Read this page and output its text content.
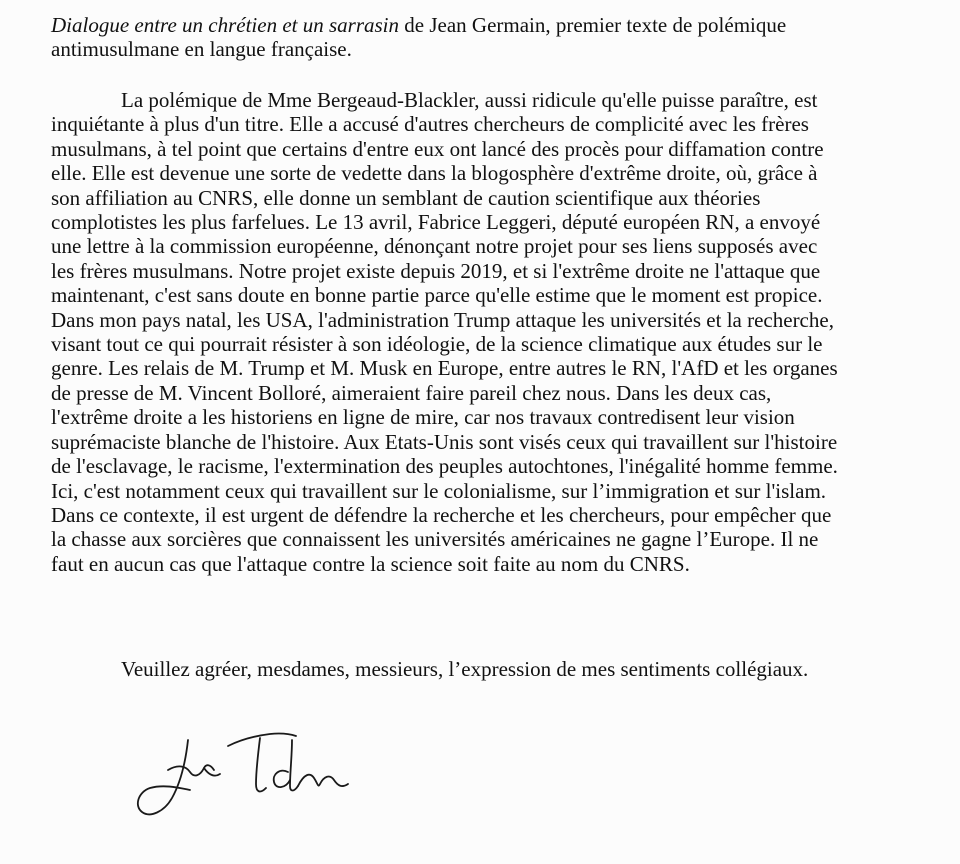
Dialogue entre un chrétien et un sarrasin de Jean Germain, premier texte de polémique
antimusulmane en langue française.
La polémique de Mme Bergeaud-Blackler, aussi ridicule qu'elle puisse paraître, est
inquiétante à plus d'un titre. Elle a accusé d'autres chercheurs de complicité avec les frères
musulmans, à tel point que certains d'entre eux ont lancé des procès pour diffamation contre
elle. Elle est devenue une sorte de vedette dans la blogosphère d'extrême droite, où, grâce à
son affiliation au CNRS, elle donne un semblant de caution scientifique aux théories
complotistes les plus farfelues. Le 13 avril, Fabrice Leggeri, député européen RN, a envoyé
une lettre à la commission européenne, dénonçant notre projet pour ses liens supposés avec
les frères musulmans. Notre projet existe depuis 2019, et si l'extrême droite ne l'attaque que
maintenant, c'est sans doute en bonne partie parce qu'elle estime que le moment est propice.
Dans mon pays natal, les USA, l'administration Trump attaque les universités et la recherche,
visant tout ce qui pourrait résister à son idéologie, de la science climatique aux études sur le
genre. Les relais de M. Trump et M. Musk en Europe, entre autres le RN, l'AfD et les organes
de presse de M. Vincent Bolloré, aimeraient faire pareil chez nous. Dans les deux cas,
l'extrême droite a les historiens en ligne de mire, car nos travaux contredisent leur vision
suprémaciste blanche de l'histoire. Aux Etats-Unis sont visés ceux qui travaillent sur l'histoire
de l'esclavage, le racisme, l'extermination des peuples autochtones, l'inégalité homme femme.
Ici, c'est notamment ceux qui travaillent sur le colonialisme, sur l’immigration et sur l'islam.
Dans ce contexte, il est urgent de défendre la recherche et les chercheurs, pour empêcher que
la chasse aux sorcières que connaissent les universités américaines ne gagne l’Europe. Il ne
faut en aucun cas que l'attaque contre la science soit faite au nom du CNRS.
Veuillez agréer, mesdames, messieurs, l’expression de mes sentiments collégiaux.
